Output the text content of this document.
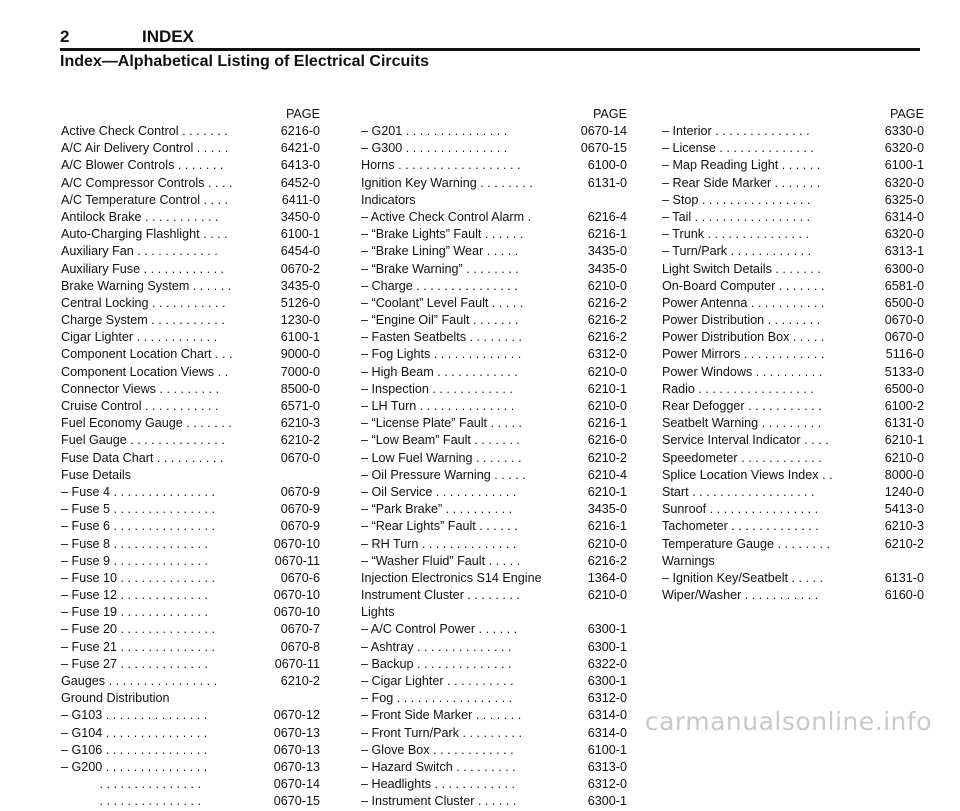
2	INDEX
Index—Alphabetical Listing of Electrical Circuits
PAGE
Active Check Control . . . . . . .	6216-0
A/C Air Delivery Control . . . . .	6421-0
A/C Blower Controls . . . . . . .	6413-0
A/C Compressor Controls . . . .	6452-0
A/C Temperature Control . . . .	6411-0
Antilock Brake . . . . . . . . . . .	3450-0
Auto-Charging Flashlight . . . .	6100-1
Auxiliary Fan . . . . . . . . . . . .	6454-0
Auxiliary Fuse . . . . . . . . . . . .	0670-2
Brake Warning System . . . . . .	3435-0
Central Locking . . . . . . . . . . .	5126-0
Charge System . . . . . . . . . . .	1230-0
Cigar Lighter . . . . . . . . . . . .	6100-1
Component Location Chart . . .	9000-0
Component Location Views . .	7000-0
Connector Views . . . . . . . . .	8500-0
Cruise Control . . . . . . . . . . .	6571-0
Fuel Economy Gauge . . . . . . .	6210-3
Fuel Gauge . . . . . . . . . . . . . .	6210-2
Fuse Data Chart . . . . . . . . . .	0670-0
Fuse Details
– Fuse 4 . . . . . . . . . . . . . . .	0670-9
– Fuse 5 . . . . . . . . . . . . . . .	0670-9
– Fuse 6 . . . . . . . . . . . . . . .	0670-9
– Fuse 8 . . . . . . . . . . . . . .	0670-10
– Fuse 9 . . . . . . . . . . . . . .	0670-11
– Fuse 10 . . . . . . . . . . . . . .	0670-6
– Fuse 12 . . . . . . . . . . . . .	0670-10
– Fuse 19 . . . . . . . . . . . . .	0670-10
– Fuse 20 . . . . . . . . . . . . . .	0670-7
– Fuse 21 . . . . . . . . . . . . . .	0670-8
– Fuse 27 . . . . . . . . . . . . .	0670-11
Gauges . . . . . . . . . . . . . . . .	6210-2
Ground Distribution
– G103 . . . . . . . . . . . . . . .	0670-12
– G104 . . . . . . . . . . . . . . .	0670-13
– G106 . . . . . . . . . . . . . . .	0670-13
– G200 . . . . . . . . . . . . . . .	0670-13
. . . . . . . . . . . . . . .	0670-14
. . . . . . . . . . . . . . .	0670-15
PAGE
– G201 . . . . . . . . . . . . . . .	0670-14
– G300 . . . . . . . . . . . . . . .	0670-15
Horns . . . . . . . . . . . . . . . . . .	6100-0
Ignition Key Warning . . . . . . . .	6131-0
Indicators
– Active Check Control Alarm .	6216-4
– “Brake Lights” Fault . . . . . .	6216-1
– “Brake Lining” Wear . . . . .	3435-0
– “Brake Warning” . . . . . . . .	3435-0
– Charge . . . . . . . . . . . . . . .	6210-0
– “Coolant” Level Fault . . . . .	6216-2
– “Engine Oil” Fault . . . . . . .	6216-2
– Fasten Seatbelts . . . . . . . .	6216-2
– Fog Lights . . . . . . . . . . . . .	6312-0
– High Beam . . . . . . . . . . . .	6210-0
– Inspection . . . . . . . . . . . .	6210-1
– LH Turn . . . . . . . . . . . . . .	6210-0
– “License Plate” Fault . . . . .	6216-1
– “Low Beam” Fault . . . . . . .	6216-0
– Low Fuel Warning . . . . . . .	6210-2
– Oil Pressure Warning . . . . .	6210-4
– Oil Service . . . . . . . . . . . .	6210-1
– “Park Brake” . . . . . . . . . .	3435-0
– “Rear Lights” Fault . . . . . .	6216-1
– RH Turn . . . . . . . . . . . . . .	6210-0
– “Washer Fluid” Fault . . . . .	6216-2
Injection Electronics S14 Engine	1364-0
Instrument Cluster . . . . . . . .	6210-0
Lights
– A/C Control Power . . . . . .	6300-1
– Ashtray . . . . . . . . . . . . . .	6300-1
– Backup . . . . . . . . . . . . . .	6322-0
– Cigar Lighter . . . . . . . . . .	6300-1
– Fog . . . . . . . . . . . . . . . . .	6312-0
– Front Side Marker . . . . . . .	6314-0
– Front Turn/Park . . . . . . . . .	6314-0
– Glove Box . . . . . . . . . . . .	6100-1
– Hazard Switch . . . . . . . . .	6313-0
– Headlights . . . . . . . . . . . .	6312-0
– Instrument Cluster . . . . . .	6300-1
PAGE
– Interior . . . . . . . . . . . . . .	6330-0
– License . . . . . . . . . . . . . .	6320-0
– Map Reading Light . . . . . .	6100-1
– Rear Side Marker . . . . . . .	6320-0
– Stop . . . . . . . . . . . . . . . .	6325-0
– Tail . . . . . . . . . . . . . . . . .	6314-0
– Trunk . . . . . . . . . . . . . . .	6320-0
– Turn/Park . . . . . . . . . . . .	6313-1
Light Switch Details . . . . . . .	6300-0
On-Board Computer . . . . . . .	6581-0
Power Antenna . . . . . . . . . . .	6500-0
Power Distribution . . . . . . . .	0670-0
Power Distribution Box . . . . .	0670-0
Power Mirrors . . . . . . . . . . . .	5116-0
Power Windows . . . . . . . . . .	5133-0
Radio . . . . . . . . . . . . . . . . .	6500-0
Rear Defogger . . . . . . . . . . .	6100-2
Seatbelt Warning . . . . . . . . .	6131-0
Service Interval Indicator . . . .	6210-1
Speedometer . . . . . . . . . . . .	6210-0
Splice Location Views Index . .	8000-0
Start . . . . . . . . . . . . . . . . . .	1240-0
Sunroof . . . . . . . . . . . . . . . .	5413-0
Tachometer . . . . . . . . . . . . .	6210-3
Temperature Gauge . . . . . . . .	6210-2
Warnings
– Ignition Key/Seatbelt . . . . .	6131-0
Wiper/Washer . . . . . . . . . . .	6160-0
carmanualsonline.info
